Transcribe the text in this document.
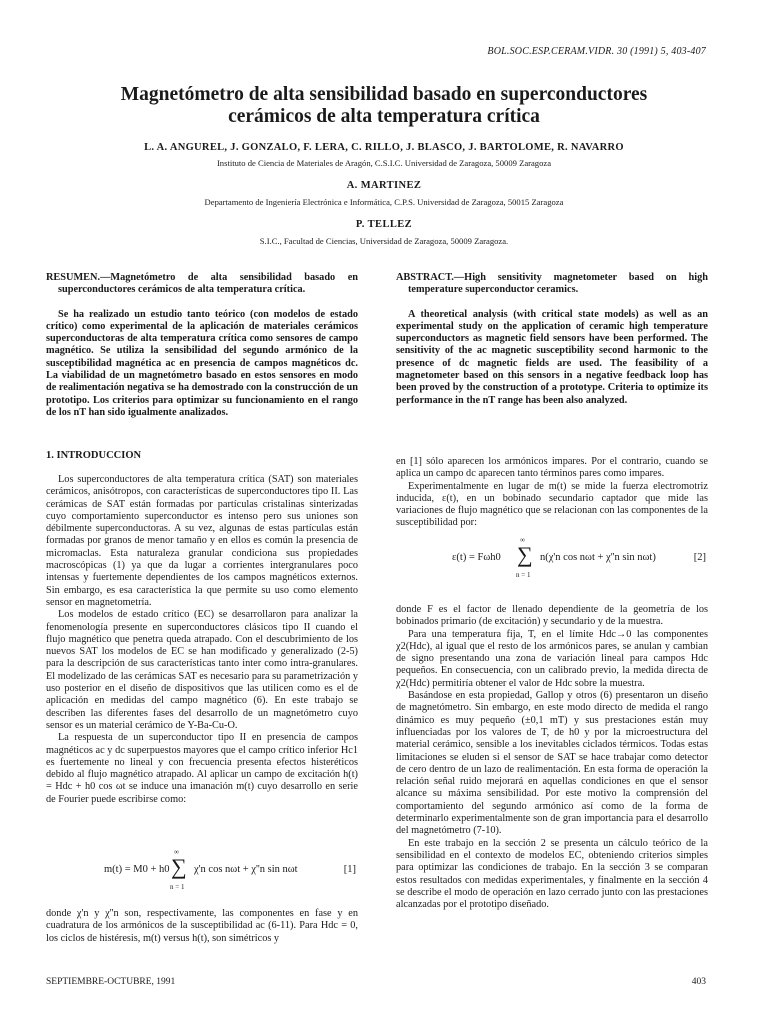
BOL.SOC.ESP.CERAM.VIDR. 30 (1991) 5, 403-407
Magnetómetro de alta sensibilidad basado en superconductores
cerámicos de alta temperatura crítica
L. A. ANGUREL, J. GONZALO, F. LERA, C. RILLO, J. BLASCO, J. BARTOLOME, R. NAVARRO
Instituto de Ciencia de Materiales de Aragón, C.S.I.C. Universidad de Zaragoza, 50009 Zaragoza
A. MARTINEZ
Departamento de Ingeniería Electrónica e Informática, C.P.S. Universidad de Zaragoza, 50015 Zaragoza
P. TELLEZ
S.I.C., Facultad de Ciencias, Universidad de Zaragoza, 50009 Zaragoza.

RESUMEN.—Magnetómetro de alta sensibilidad basado en superconductores cerámicos de alta temperatura crítica.

Se ha realizado un estudio tanto teórico (con modelos de estado crítico) como experimental de la aplicación de materiales cerámicos superconductoras de alta temperatura crítica como sensores de campo magnético. Se utiliza la sensibilidad del segundo armónico de la susceptibilidad magnética ac en presencia de campos magnéticos dc. La viabilidad de un magnetómetro basado en estos sensores en modo de realimentación negativa se ha demostrado con la construcción de un prototipo. Los criterios para optimizar su funcionamiento en el rango de los nT han sido igualmente analizados.

ABSTRACT.—High sensitivity magnetometer based on high temperature superconductor ceramics.

A theoretical analysis (with critical state models) as well as an experimental study on the application of ceramic high temperature superconductors as magnetic field sensors have been performed. The sensitivity of the ac magnetic susceptibility second harmonic to the presence of dc magnetic fields are used. The feasibility of a magnetometer based on this sensors in a negative feedback loop has been proved by the construction of a prototype. Criteria to optimize its performance in the nT range has been also analyzed.

1. INTRODUCCION

Los superconductores de alta temperatura crítica (SAT) son materiales cerámicos, anisótropos, con características de superconductores tipo II. Las cerámicas de SAT están formadas por partículas cristalinas sinterizadas cuyo comportamiento superconductor es intenso pero sus uniones son débilmente superconductoras. A su vez, algunas de estas partículas están formadas por granos de menor tamaño y en ellos es común la presencia de micromaclas. Esta naturaleza granular condiciona sus propiedades macroscópicas (1) ya que da lugar a corrientes intergranulares poco intensas y fuertemente dependientes de los campos magnéticos externos. Sin embargo, es esa característica la que permite su uso como elemento sensor en magnetometría.

Los modelos de estado crítico (EC) se desarrollaron para analizar la fenomenología presente en superconductores clásicos tipo II cuando el flujo magnético que penetra queda atrapado. Con el descubrimiento de los nuevos SAT los modelos de EC se han modificado y generalizado (2-5) para la descripción de sus características tanto inter como intra-granulares. El modelizado de las cerámicas SAT es necesario para su parametrización y uso posterior en el diseño de dispositivos que las utilicen como es el de aplicación en medidas del campo magnético (6). En este trabajo se describen las diferentes fases del desarrollo de un magnetómetro cuyo sensor es un material cerámico de Y-Ba-Cu-O.

La respuesta de un superconductor tipo II en presencia de campos magnéticos ac y dc superpuestos mayores que el campo crítico inferior Hc1 es fuertemente no lineal y con frecuencia presenta efectos histeréticos debido al flujo magnético atrapado. Al aplicar un campo de excitación h(t) = Hdc + h0 cos ωt se induce una imanación m(t) cuyo desarrollo en serie de Fourier puede escribirse como:

m(t) = M0 + h0
∞
∑
n = 1
χ'n cos nωt + χ''n sin nωt	[1]

donde χ'n y χ''n son, respectivamente, las componentes en fase y en cuadratura de los armónicos de la susceptibilidad ac (6-11). Para Hdc = 0, los ciclos de histéresis, m(t) versus h(t), son simétricos y

en [1] sólo aparecen los armónicos impares. Por el contrario, cuando se aplica un campo dc aparecen tanto términos pares como impares.

Experimentalmente en lugar de m(t) se mide la fuerza electromotriz inducida, ε(t), en un bobinado secundario captador que mide las variaciones de flujo magnético que se relacionan con las componentes de la susceptibilidad por:

ε(t) = Fωh0
∞
∑
n = 1
n(χ'n cos nωt + χ''n sin nωt)	[2]

donde F es el factor de llenado dependiente de la geometría de los bobinados primario (de excitación) y secundario y de la muestra.

Para una temperatura fija, T, en el límite Hdc→0 las componentes χ2(Hdc), al igual que el resto de los armónicos pares, se anulan y cambian de signo presentando una zona de variación lineal para campos Hdc pequeños. En consecuencia, con un calibrado previo, la medida directa de χ2(Hdc) permitiría obtener el valor de Hdc sobre la muestra.

Basándose en esta propiedad, Gallop y otros (6) presentaron un diseño de magnetómetro. Sin embargo, en este modo directo de medida el rango dinámico es muy pequeño (±0,1 mT) y sus prestaciones están muy influenciadas por los valores de T, de h0 y por la microestructura del material cerámico, sensible a los inevitables ciclados térmicos. Todas estas limitaciones se eluden si el sensor de SAT se hace trabajar como detector de cero dentro de un lazo de realimentación. En esta forma de operación la relación señal ruido mejorará en aquellas condiciones en que el sensor alcance su máxima sensibilidad. Por este motivo la comprensión del comportamiento del segundo armónico así como de la forma de determinarlo experimentalmente son de gran importancia para el desarrollo del magnetómetro (7-10).

En este trabajo en la sección 2 se presenta un cálculo teórico de la sensibilidad en el contexto de modelos EC, obteniendo criterios simples para optimizar las condiciones de trabajo. En la sección 3 se comparan estos resultados con medidas experimentales, y finalmente en la sección 4 se describe el modo de operación en lazo cerrado junto con las prestaciones alcanzadas por el prototipo diseñado.

SEPTIEMBRE-OCTUBRE, 1991	403
